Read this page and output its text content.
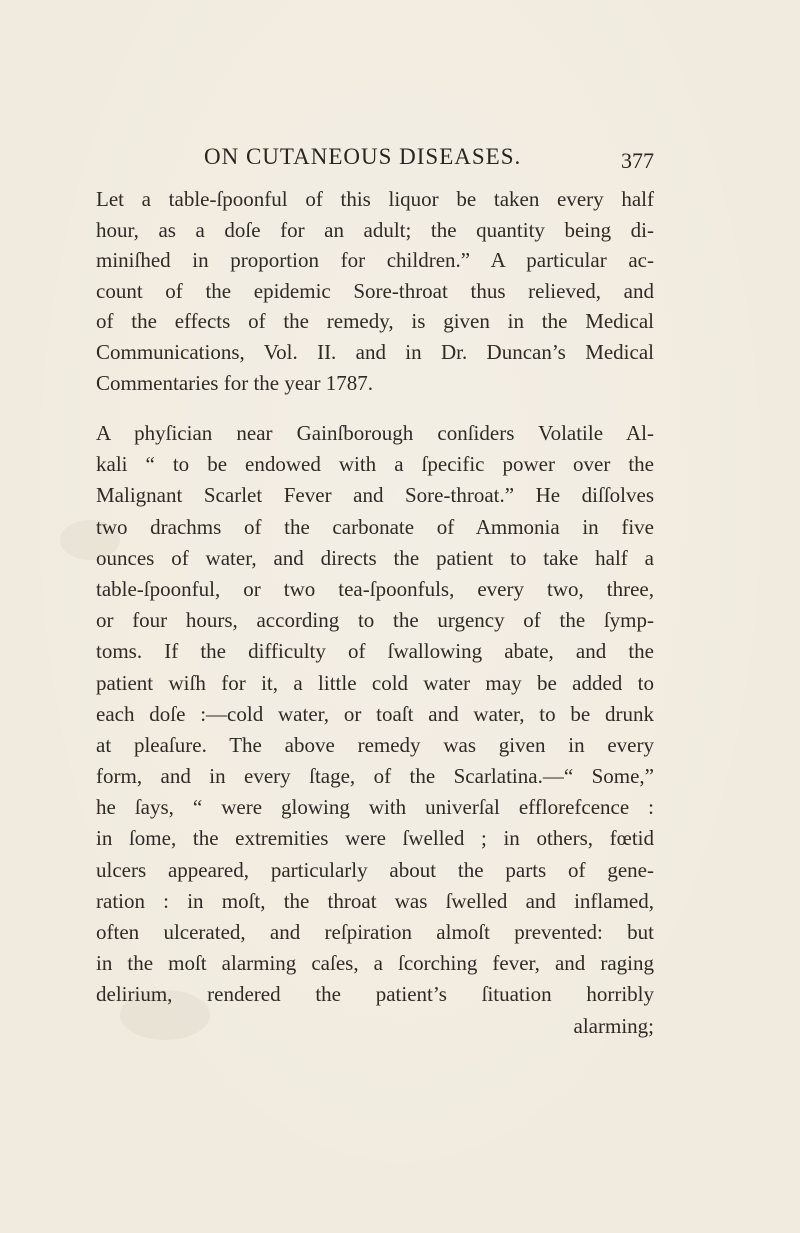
ON CUTANEOUS DISEASES.	377
Let a table-ſpoonful of this liquor be taken every half
hour, as a doſe for an adult; the quantity being di-
miniſhed in proportion for children.” A particular ac-
count of the epidemic Sore-throat thus relieved, and
of the effects of the remedy, is given in the Medical
Communications, Vol. II. and in Dr. Duncan’s Medical
Commentaries for the year 1787.
A phyſician near Gainſborough conſiders Volatile Al-
kali “ to be endowed with a ſpecific power over the
Malignant Scarlet Fever and Sore-throat.” He diſſolves
two drachms of the carbonate of Ammonia in five
ounces of water, and directs the patient to take half a
table-ſpoonful, or two tea-ſpoonfuls, every two, three,
or four hours, according to the urgency of the ſymp-
toms. If the difficulty of ſwallowing abate, and the
patient wiſh for it, a little cold water may be added to
each doſe :—cold water, or toaſt and water, to be drunk
at pleaſure. The above remedy was given in every
form, and in every ſtage, of the Scarlatina.—“ Some,”
he ſays, “ were glowing with univerſal efflorefcence :
in ſome, the extremities were ſwelled ; in others, fœtid
ulcers appeared, particularly about the parts of gene-
ration : in moſt, the throat was ſwelled and inflamed,
often ulcerated, and reſpiration almoſt prevented: but
in the moſt alarming caſes, a ſcorching fever, and raging
delirium, rendered the patient’s ſituation horribly
alarming;
